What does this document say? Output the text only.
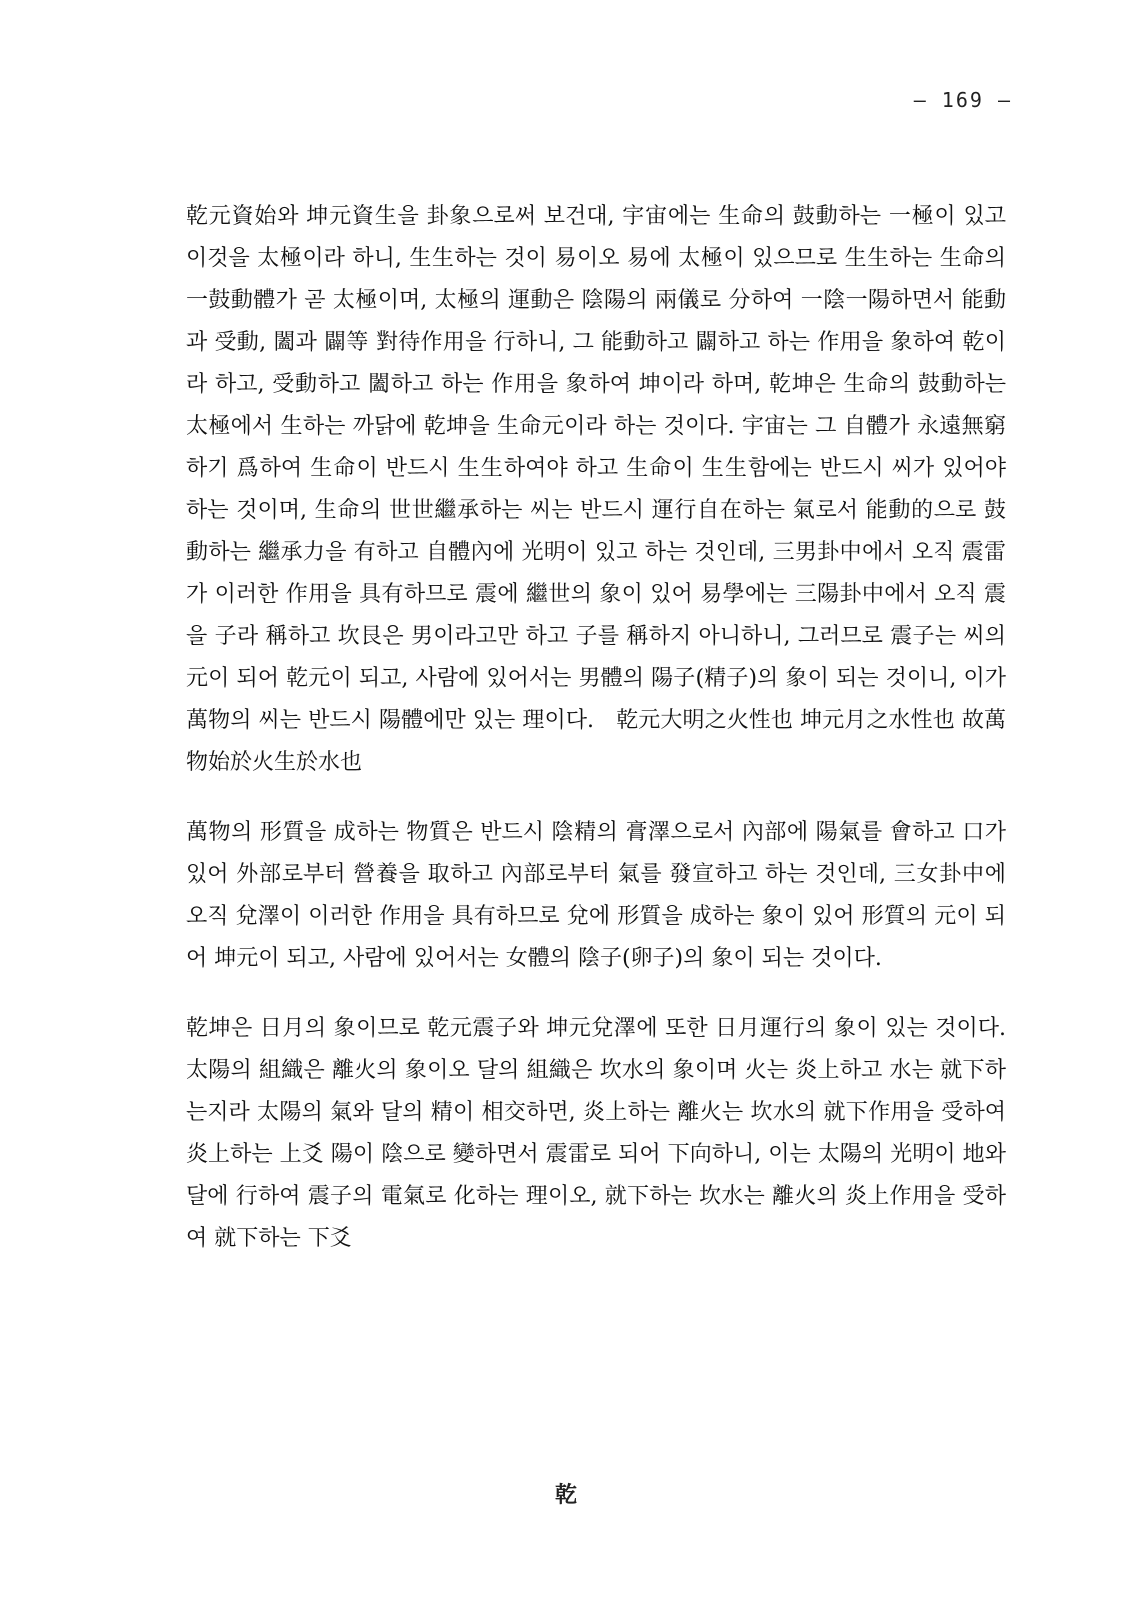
— 169 —

乾元資始와 坤元資生을 卦象으로써 보건대, 宇宙에는 生命의 鼓動하는 一極이 있고 이것을 太極이라 하니, 生生하는 것이 易이오 易에 太極이 있으므로 生生하는 生命의 一鼓動體가 곧 太極이며, 太極의 運動은 陰陽의 兩儀로 分하여 一陰一陽하면서 能動과 受動, 闔과 闢等 對待作用을 行하니, 그 能動하고 闢하고 하는 作用을 象하여 乾이라 하고, 受動하고 闔하고 하는 作用을 象하여 坤이라 하며, 乾坤은 生命의 鼓動하는 太極에서 生하는 까닭에 乾坤을 生命元이라 하는 것이다. 宇宙는 그 自體가 永遠無窮하기 爲하여 生命이 반드시 生生하여야 하고 生命이 生生함에는 반드시 씨가 있어야 하는 것이며, 生命의 世世繼承하는 씨는 반드시 運行自在하는 氣로서 能動的으로 鼓動하는 繼承力을 有하고 自體內에 光明이 있고 하는 것인데, 三男卦中에서 오직 震雷가 이러한 作用을 具有하므로 震에 繼世의 象이 있어 易學에는 三陽卦中에서 오직 震을 子라 稱하고 坎艮은 男이라고만 하고 子를 稱하지 아니하니, 그러므로 震子는 씨의 元이 되어 乾元이 되고, 사람에 있어서는 男體의 陽子(精子)의 象이 되는 것이니, 이가 萬物의 씨는 반드시 陽體에만 있는 理이다.　乾元大明之火性也 坤元月之水性也 故萬物始於火生於水也

萬物의 形質을 成하는 物質은 반드시 陰精의 膏澤으로서 內部에 陽氣를 會하고 口가 있어 外部로부터 營養을 取하고 內部로부터 氣를 發宣하고 하는 것인데, 三女卦中에 오직 兌澤이 이러한 作用을 具有하므로 兌에 形質을 成하는 象이 있어 形質의 元이 되어 坤元이 되고, 사람에 있어서는 女體의 陰子(卵子)의 象이 되는 것이다.

乾坤은 日月의 象이므로 乾元震子와 坤元兌澤에 또한 日月運行의 象이 있는 것이다. 太陽의 組織은 離火의 象이오 달의 組織은 坎水의 象이며 火는 炎上하고 水는 就下하는지라 太陽의 氣와 달의 精이 相交하면, 炎上하는 離火는 坎水의 就下作用을 受하여 炎上하는 上爻 陽이 陰으로 變하면서 震雷로 되어 下向하니, 이는 太陽의 光明이 地와 달에 行하여 震子의 電氣로 化하는 理이오, 就下하는 坎水는 離火의 炎上作用을 受하여 就下하는 下爻

乾
